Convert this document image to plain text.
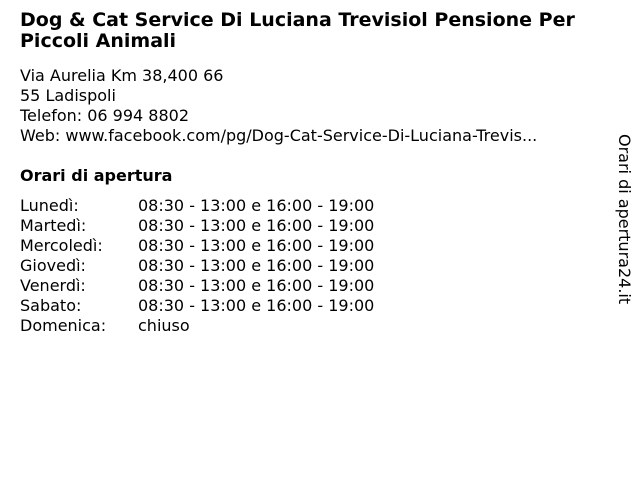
Dog & Cat Service Di Luciana Trevisiol Pensione Per Piccoli Animali
Via Aurelia Km 38,400 66
55 Ladispoli
Telefon: 06 994 8802
Web: www.facebook.com/pg/Dog-Cat-Service-Di-Luciana-Trevis...
Orari di apertura
Lunedì:	08:30 - 13:00 e 16:00 - 19:00
Martedì:	08:30 - 13:00 e 16:00 - 19:00
Mercoledì:	08:30 - 13:00 e 16:00 - 19:00
Giovedì:	08:30 - 13:00 e 16:00 - 19:00
Venerdì:	08:30 - 13:00 e 16:00 - 19:00
Sabato:	08:30 - 13:00 e 16:00 - 19:00
Domenica:	chiuso
Orari di apertura24.it
